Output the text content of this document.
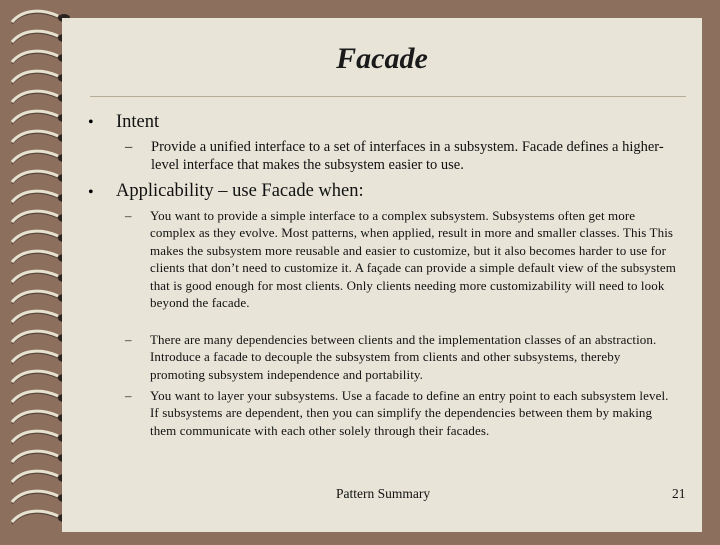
Facade
• Intent
– Provide a unified interface to a set of interfaces in a subsystem. Facade defines a higher-level interface that makes the subsystem easier to use.
• Applicability – use Facade when:
– You want to provide a simple interface to a complex subsystem. Subsystems often get more complex as they evolve. Most patterns, when applied, result in more and smaller classes. This This makes the subsystem more reusable and easier to customize, but it also becomes harder to use for clients that don’t need to customize it. A façade can provide a simple default view of the subsystem that is good enough for most clients. Only clients needing more customizability will need to look beyond the facade.
– There are many dependencies between clients and the implementation classes of an abstraction. Introduce a facade to decouple the subsystem from clients and other subsystems, thereby promoting subsystem independence and portability.
– You want to layer your subsystems. Use a facade to define an entry point to each subsystem level. If subsystems are dependent, then you can simplify the dependencies between them by making them communicate with each other solely through their facades.
Pattern Summary	21
